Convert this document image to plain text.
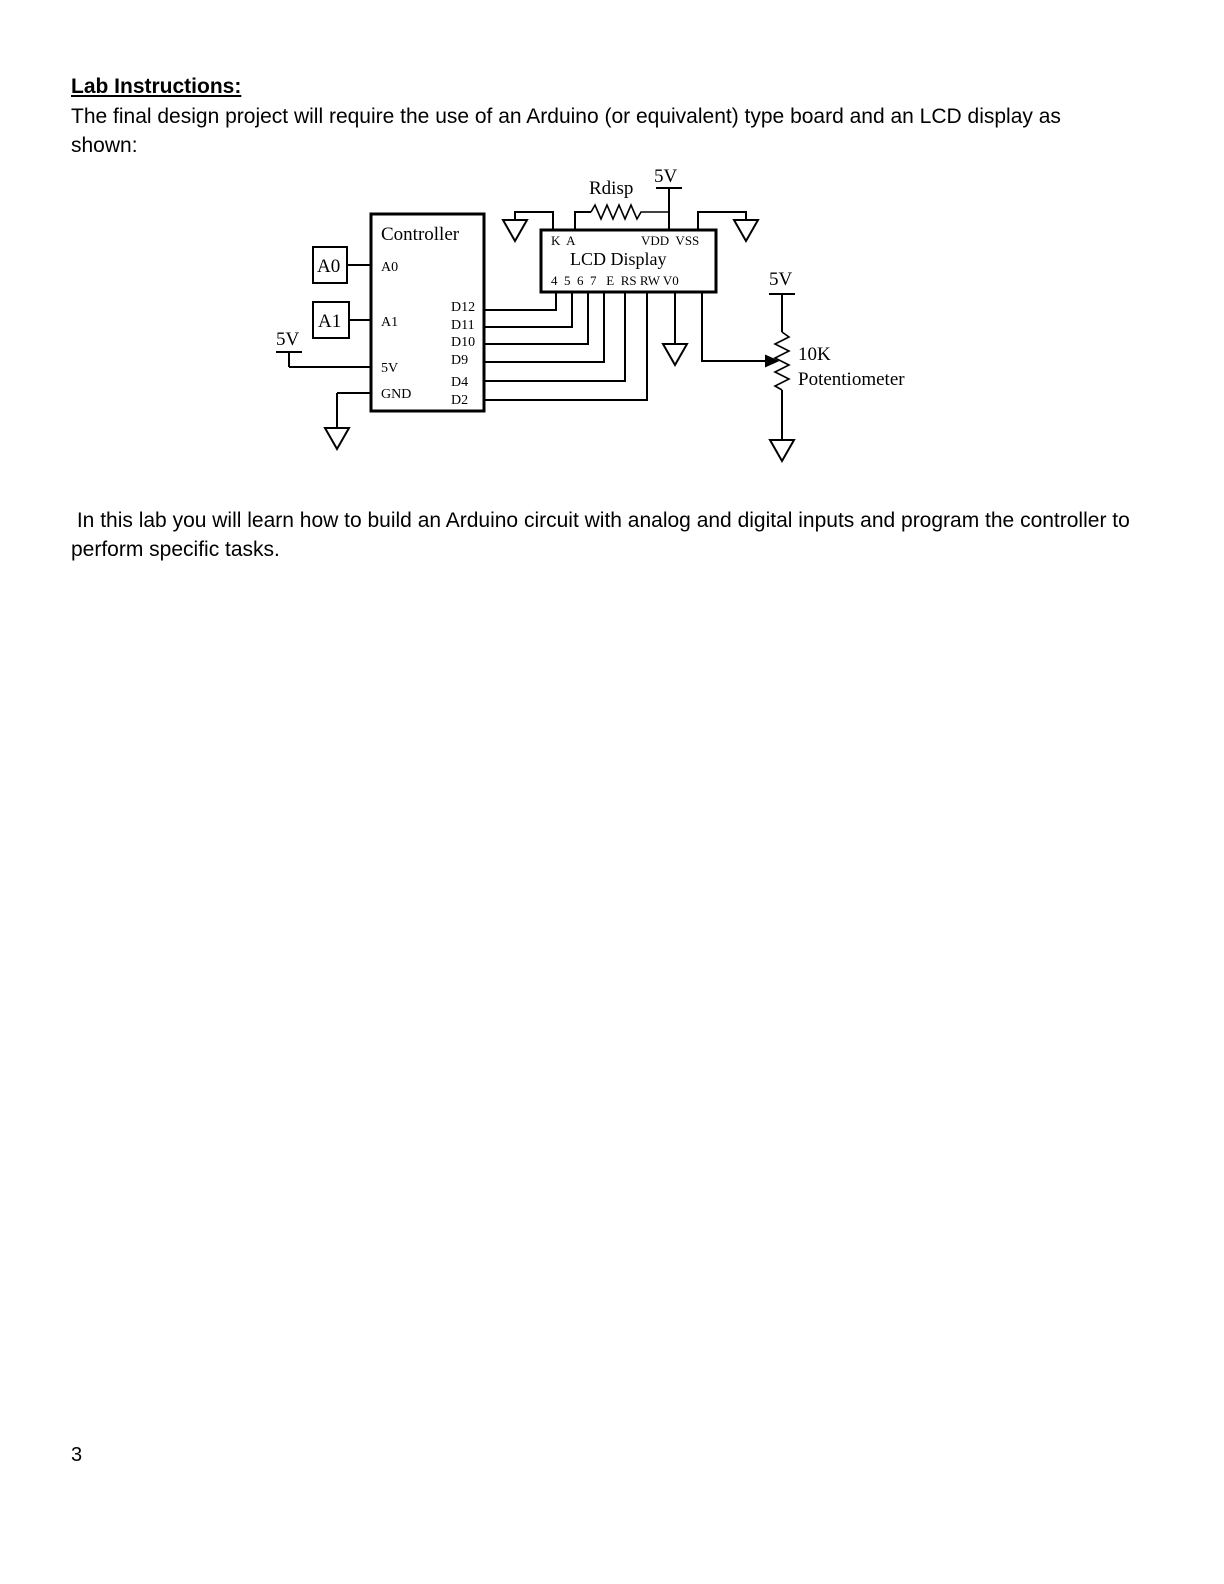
Lab Instructions:

The final design project will require the use of an Arduino (or equivalent) type board and an LCD display as shown:

Controller
A0
A1
5V
GND
D12
D11
D10
D9
D4
D2
A0
A1
5V
K  A	VDD  VSS
LCD Display
4  5  6  7   E  RS RW V0
Rdisp
5V
5V
10K
Potentiometer

In this lab you will learn how to build an Arduino circuit with analog and digital inputs and program the controller to perform specific tasks.

3
